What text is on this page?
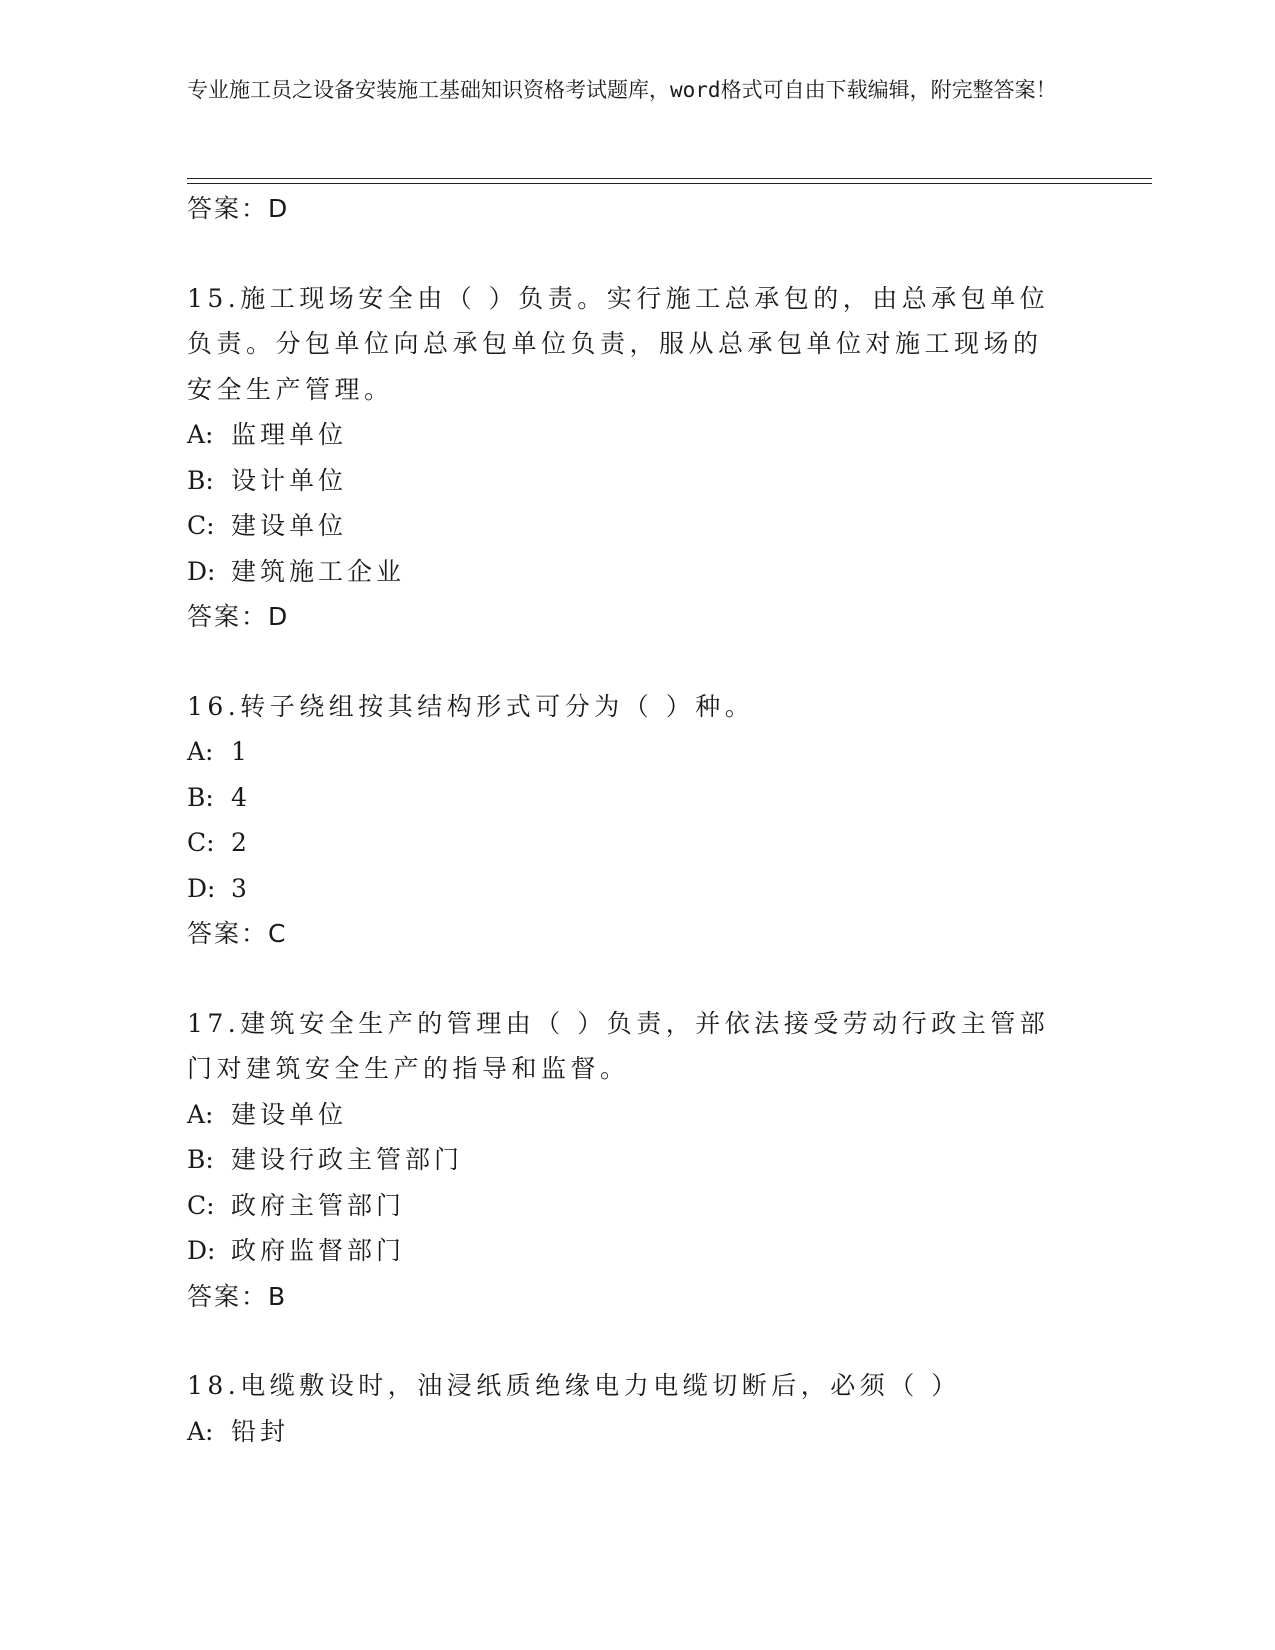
专业施工员之设备安装施工基础知识资格考试题库，word格式可自由下载编辑，附完整答案！
答案：D
15.施工现场安全由（ ）负责。实行施工总承包的，由总承包单位负责。分包单位向总承包单位负责，服从总承包单位对施工现场的安全生产管理。
A: 监理单位
B: 设计单位
C: 建设单位
D: 建筑施工企业
答案：D
16.转子绕组按其结构形式可分为（ ）种。
A: 1
B: 4
C: 2
D: 3
答案：C
17.建筑安全生产的管理由（ ）负责，并依法接受劳动行政主管部门对建筑安全生产的指导和监督。
A: 建设单位
B: 建设行政主管部门
C: 政府主管部门
D: 政府监督部门
答案：B
18.电缆敷设时，油浸纸质绝缘电力电缆切断后，必须（ ）
A: 铅封
